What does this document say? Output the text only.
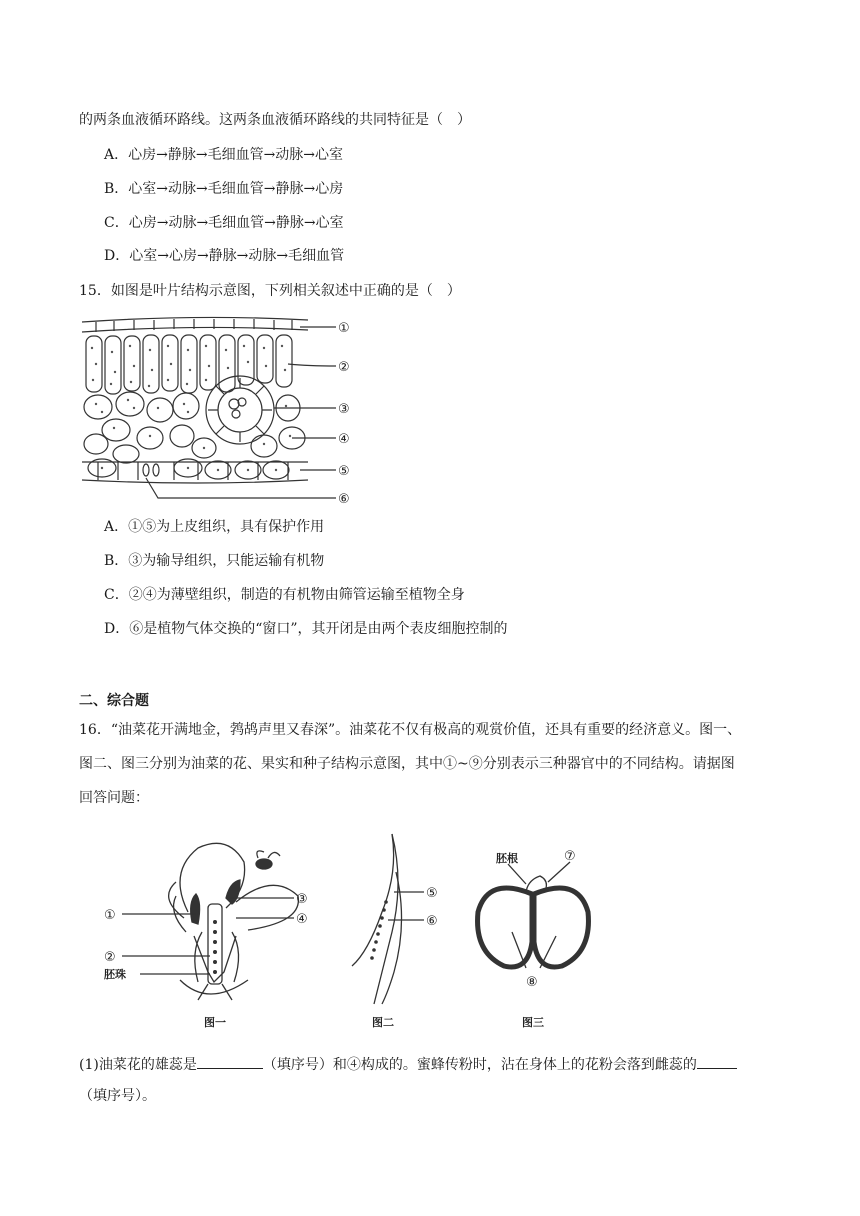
的两条血液循环路线。这两条血液循环路线的共同特征是（　）
A．心房→静脉→毛细血管→动脉→心室
B．心室→动脉→毛细血管→静脉→心房
C．心房→动脉→毛细血管→静脉→心室
D．心室→心房→静脉→动脉→毛细血管
15．如图是叶片结构示意图，下列相关叙述中正确的是（　）
①
②
③
④
⑤
⑥
A．①⑤为上皮组织，具有保护作用
B．③为输导组织，只能运输有机物
C．②④为薄壁组织，制造的有机物由筛管运输至植物全身
D．⑥是植物气体交换的“窗口”，其开闭是由两个表皮细胞控制的
二、综合题
16．“油菜花开满地金，鹁鸪声里又春深”。油菜花不仅有极高的观赏价值，还具有重要的经济意义。图一、
图二、图三分别为油菜的花、果实和种子结构示意图，其中①~⑨分别表示三种器官中的不同结构。请据图
回答问题：
①
②
③
④
胚珠
图一
⑤
⑥
图二
胚根	⑦
⑧
图三
(1)油菜花的雄蕊是	（填序号）和④构成的。蜜蜂传粉时，沾在身体上的花粉会落到雌蕊的
（填序号）。
